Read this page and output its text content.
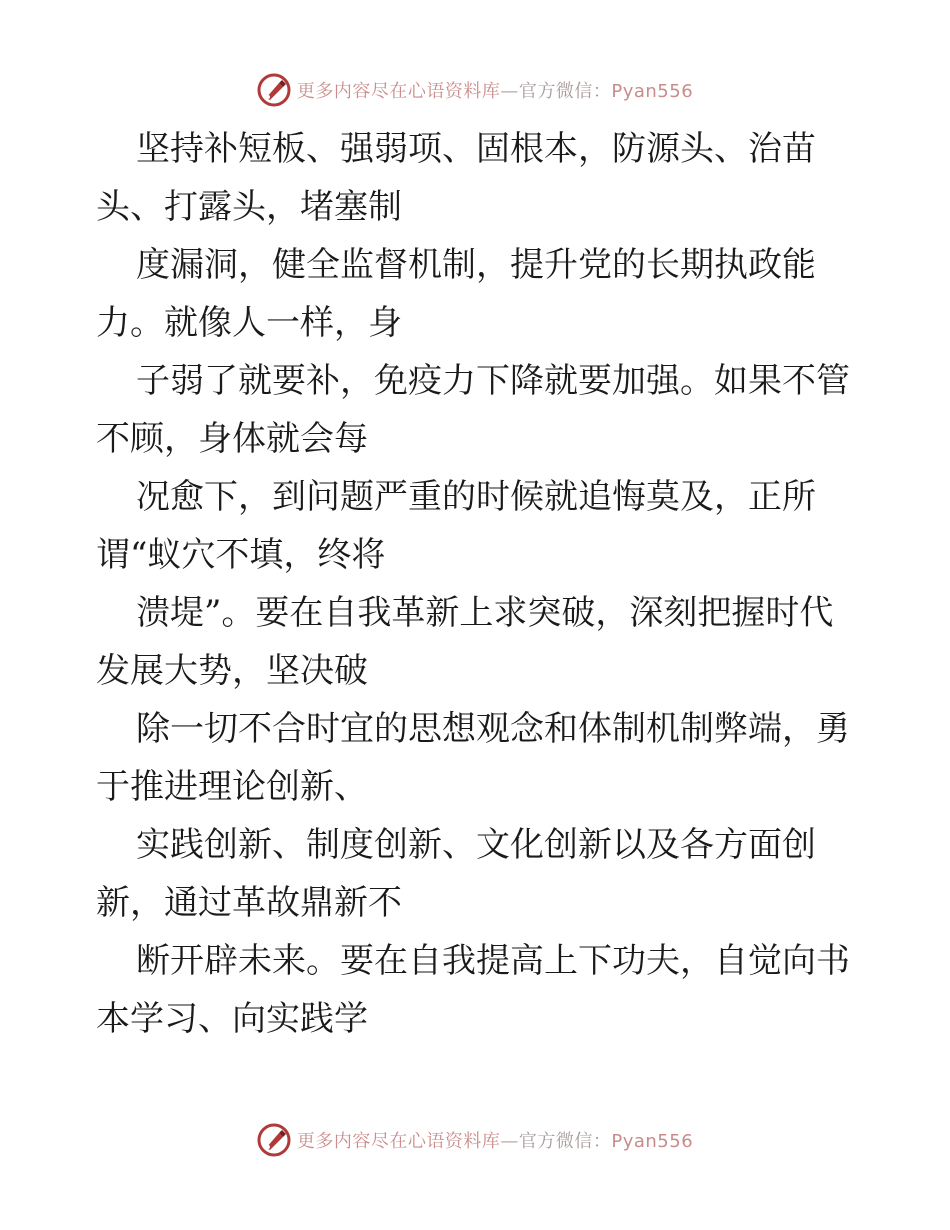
更多内容尽在心语资料库—官方微信：Pyan556
坚持补短板、强弱项、固根本，防源头、治苗
头、打露头，堵塞制
度漏洞，健全监督机制，提升党的长期执政能
力。就像人一样，身
子弱了就要补，免疫力下降就要加强。如果不管
不顾，身体就会每
况愈下，到问题严重的时候就追悔莫及，正所
谓“蚁穴不填，终将
溃堤”。要在自我革新上求突破，深刻把握时代
发展大势，坚决破
除一切不合时宜的思想观念和体制机制弊端，勇
于推进理论创新、
实践创新、制度创新、文化创新以及各方面创
新，通过革故鼎新不
断开辟未来。要在自我提高上下功夫，自觉向书
本学习、向实践学
更多内容尽在心语资料库—官方微信：Pyan556
